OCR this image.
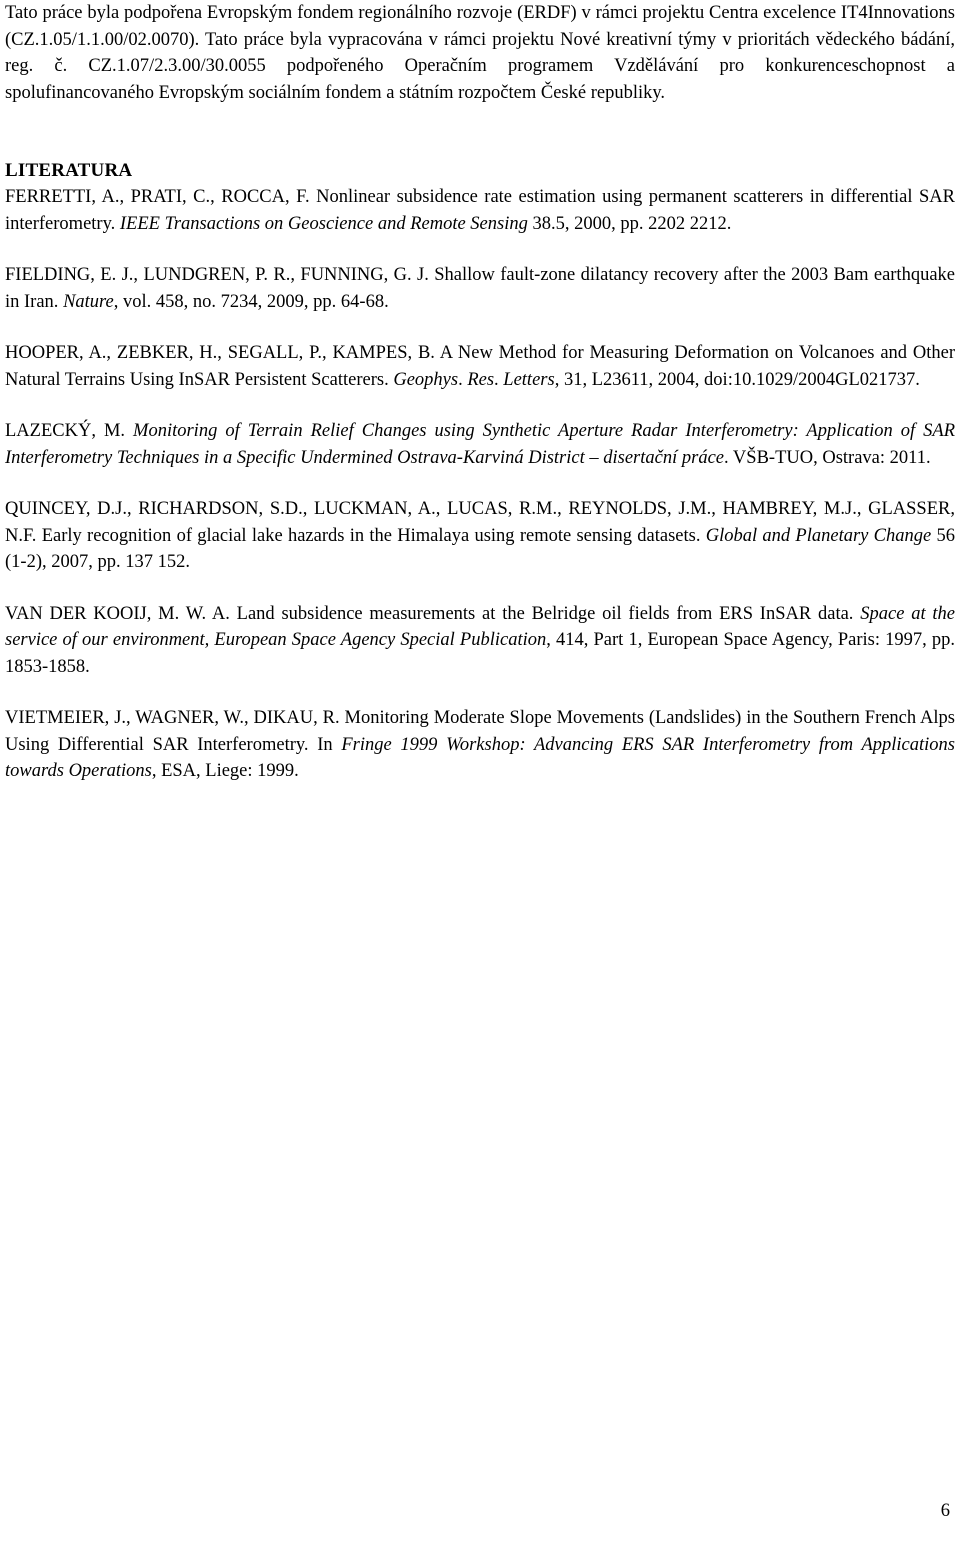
Tato práce byla podpořena Evropským fondem regionálního rozvoje (ERDF) v rámci projektu Centra excelence IT4Innovations (CZ.1.05/1.1.00/02.0070). Tato práce byla vypracována v rámci projektu Nové kreativní týmy v prioritách vědeckého bádání, reg. č. CZ.1.07/2.3.00/30.0055 podpořeného Operačním programem Vzdělávání pro konkurenceschopnost a spolufinancovaného Evropským sociálním fondem a státním rozpočtem České republiky.

LITERATURA
FERRETTI, A., PRATI, C., ROCCA, F. Nonlinear subsidence rate estimation using permanent scatterers in differential SAR interferometry. IEEE Transactions on Geoscience and Remote Sensing 38.5, 2000, pp. 2202 2212.
FIELDING, E. J., LUNDGREN, P. R., FUNNING, G. J. Shallow fault-zone dilatancy recovery after the 2003 Bam earthquake in Iran. Nature, vol. 458, no. 7234, 2009, pp. 64-68.
HOOPER, A., ZEBKER, H., SEGALL, P., KAMPES, B. A New Method for Measuring Deformation on Volcanoes and Other Natural Terrains Using InSAR Persistent Scatterers. Geophys. Res. Letters, 31, L23611, 2004, doi:10.1029/2004GL021737.
LAZECKÝ, M. Monitoring of Terrain Relief Changes using Synthetic Aperture Radar Interferometry: Application of SAR Interferometry Techniques in a Specific Undermined Ostrava-Karviná District – disertační práce. VŠB-TUO, Ostrava: 2011.
QUINCEY, D.J., RICHARDSON, S.D., LUCKMAN, A., LUCAS, R.M., REYNOLDS, J.M., HAMBREY, M.J., GLASSER, N.F. Early recognition of glacial lake hazards in the Himalaya using remote sensing datasets. Global and Planetary Change 56 (1-2), 2007, pp. 137 152.
VAN DER KOOIJ, M. W. A. Land subsidence measurements at the Belridge oil fields from ERS InSAR data. Space at the service of our environment, European Space Agency Special Publication, 414, Part 1, European Space Agency, Paris: 1997, pp. 1853-1858.
VIETMEIER, J., WAGNER, W., DIKAU, R. Monitoring Moderate Slope Movements (Landslides) in the Southern French Alps Using Differential SAR Interferometry. In Fringe 1999 Workshop: Advancing ERS SAR Interferometry from Applications towards Operations, ESA, Liege: 1999.
6
